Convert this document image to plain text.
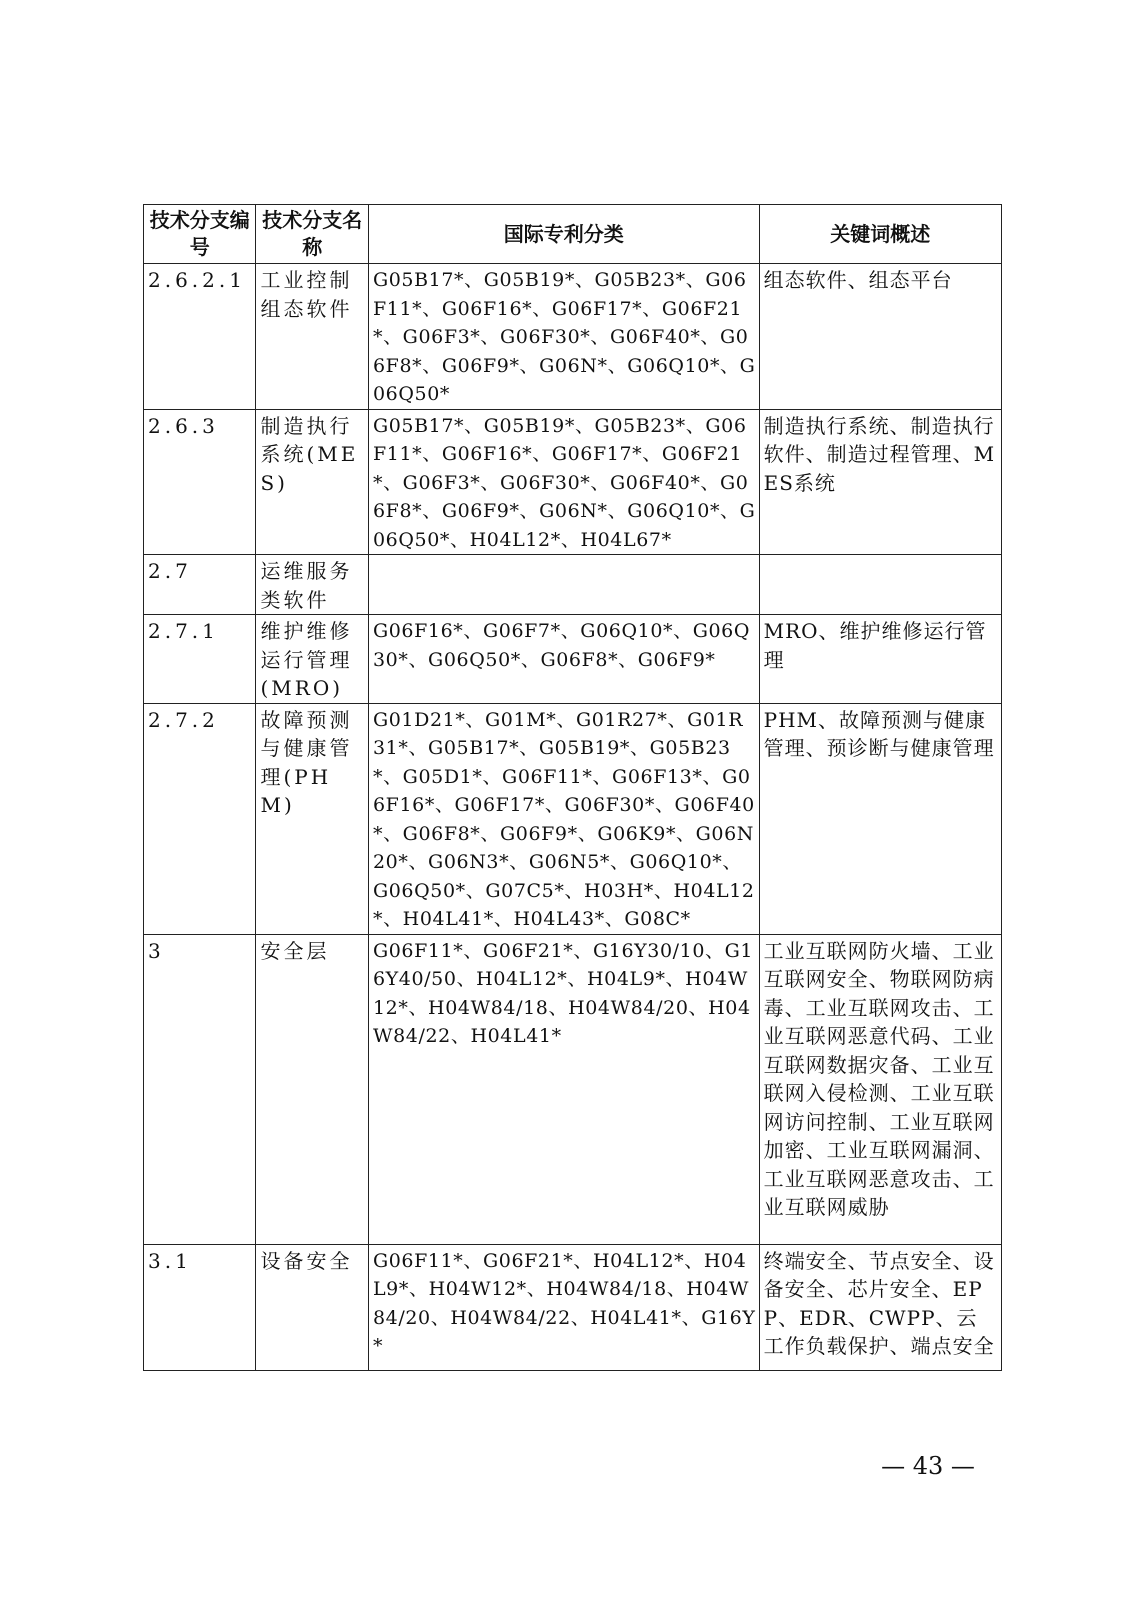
技术分支编号	技术分支名称	国际专利分类	关键词概述
2.6.2.1	工业控制组态软件	G05B17*、G05B19*、G05B23*、G06F11*、G06F16*、G06F17*、G06F21*、G06F3*、G06F30*、G06F40*、G06F8*、G06F9*、G06N*、G06Q10*、G06Q50*	组态软件、组态平台
2.6.3	制造执行系统(MES)	G05B17*、G05B19*、G05B23*、G06F11*、G06F16*、G06F17*、G06F21*、G06F3*、G06F30*、G06F40*、G06F8*、G06F9*、G06N*、G06Q10*、G06Q50*、H04L12*、H04L67*	制造执行系统、制造执行软件、制造过程管理、MES系统
2.7	运维服务类软件		
2.7.1	维护维修运行管理(MRO)	G06F16*、G06F7*、G06Q10*、G06Q30*、G06Q50*、G06F8*、G06F9*	MRO、维护维修运行管理
2.7.2	故障预测与健康管理(PHM)	G01D21*、G01M*、G01R27*、G01R31*、G05B17*、G05B19*、G05B23*、G05D1*、G06F11*、G06F13*、G06F16*、G06F17*、G06F30*、G06F40*、G06F8*、G06F9*、G06K9*、G06N20*、G06N3*、G06N5*、G06Q10*、G06Q50*、G07C5*、H03H*、H04L12*、H04L41*、H04L43*、G08C*	PHM、故障预测与健康管理、预诊断与健康管理
3	安全层	G06F11*、G06F21*、G16Y30/10、G16Y40/50、H04L12*、H04L9*、H04W12*、H04W84/18、H04W84/20、H04W84/22、H04L41*	工业互联网防火墙、工业互联网安全、物联网防病毒、工业互联网攻击、工业互联网恶意代码、工业互联网数据灾备、工业互联网入侵检测、工业互联网访问控制、工业互联网加密、工业互联网漏洞、工业互联网恶意攻击、工业互联网威胁
3.1	设备安全	G06F11*、G06F21*、H04L12*、H04L9*、H04W12*、H04W84/18、H04W84/20、H04W84/22、H04L41*、G16Y*	终端安全、节点安全、设备安全、芯片安全、EPP、EDR、CWPP、云工作负载保护、端点安全
— 43 —
